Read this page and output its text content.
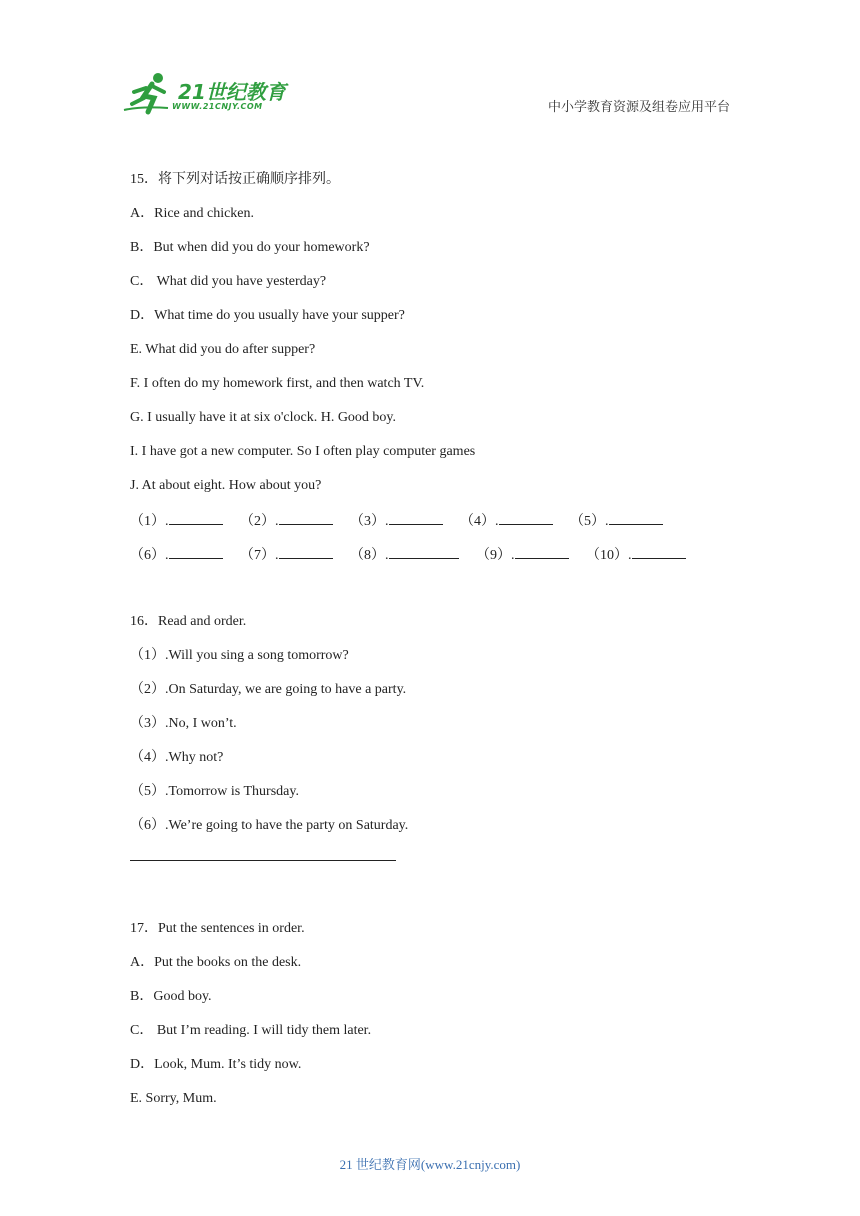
21世纪教育
WWW.21CNJY.COM	中小学教育资源及组卷应用平台
15．将下列对话按正确顺序排列。
A．Rice and chicken.
B．But when did you do your homework?
C． What did you have yesterday?
D．What time do you usually have your supper?
E. What did you do after supper?
F. I often do my homework first, and then watch TV.
G. I usually have it at six o'clock. H. Good boy.
I. I have got a new computer. So I often play computer games
J. At about eight. How about you?
（1）.	（2）.	（3）.	（4）.	（5）.
（6）.	（7）.	（8）.	（9）.	（10）.
16．Read and order.
（1）.Will you sing a song tomorrow?
（2）.On Saturday, we are going to have a party.
（3）.No, I won’t.
（4）.Why not?
（5）.Tomorrow is Thursday.
（6）.We’re going to have the party on Saturday.
17．Put the sentences in order.
A．Put the books on the desk.
B．Good boy.
C． But I’m reading. I will tidy them later.
D．Look, Mum. It’s tidy now.
E. Sorry, Mum.
21 世纪教育网(www.21cnjy.com)
